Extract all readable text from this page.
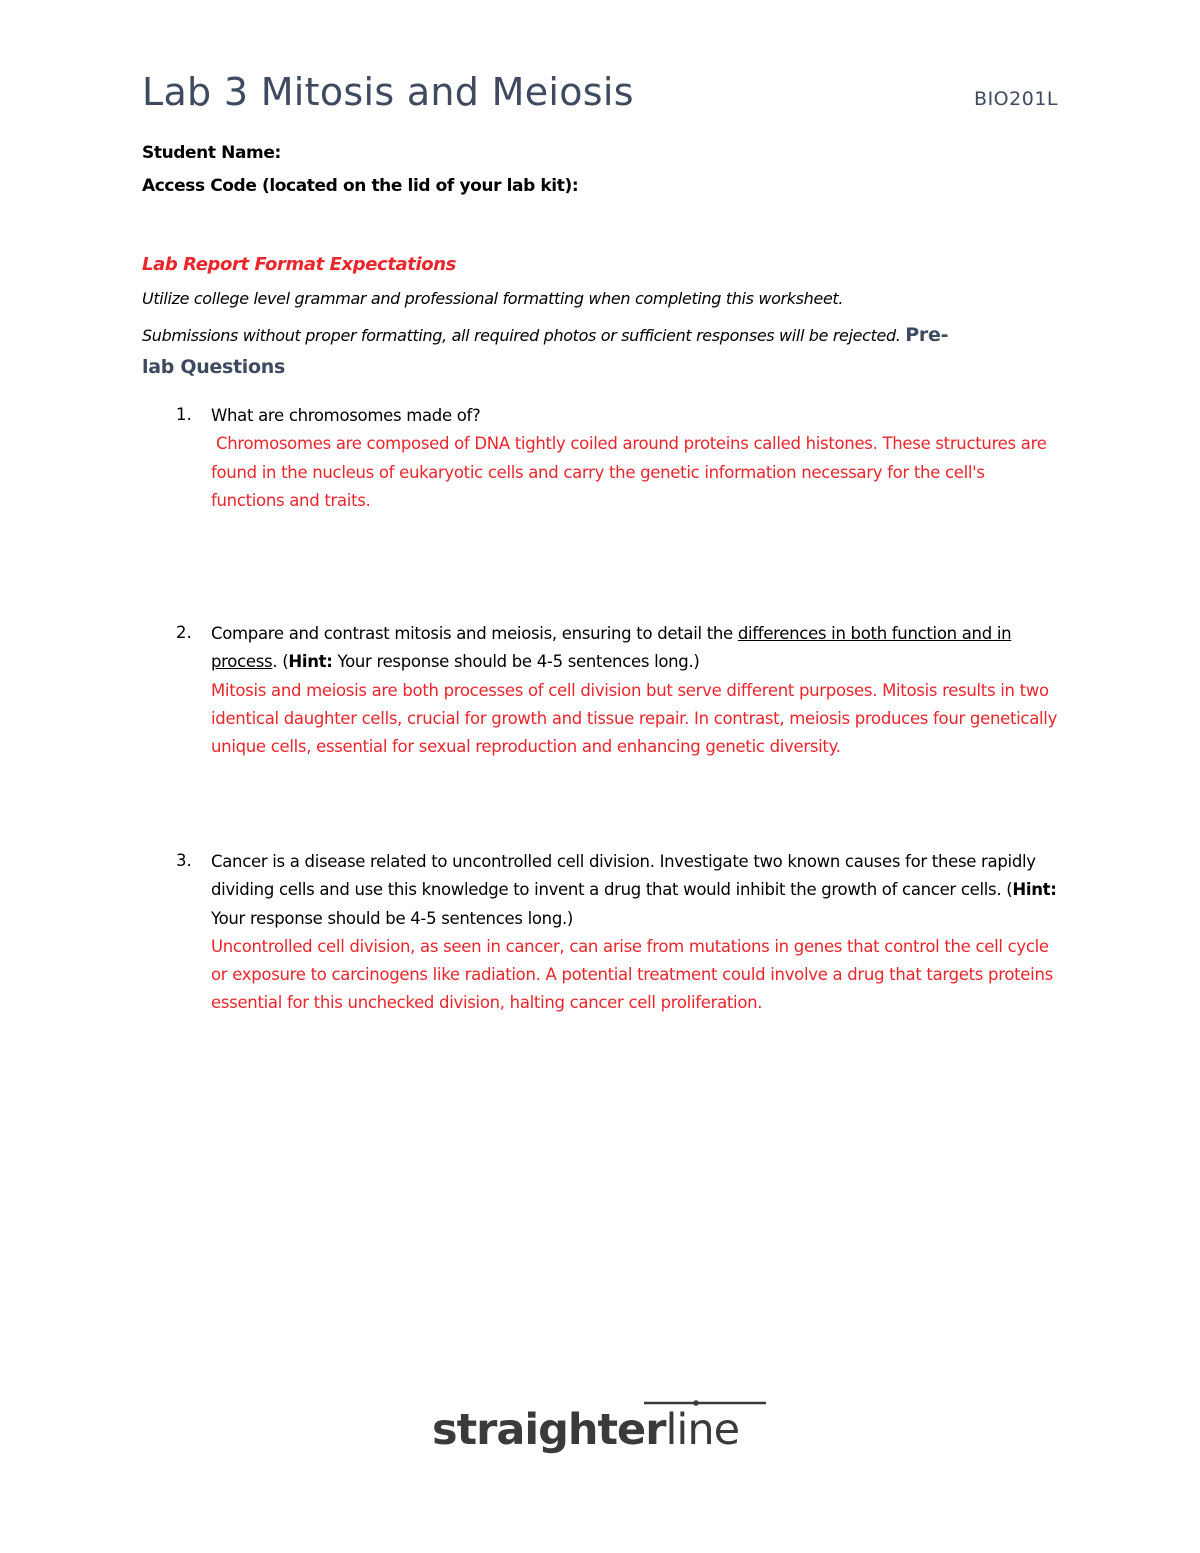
Lab 3 Mitosis and Meiosis	BIO201L
Student Name:
Access Code (located on the lid of your lab kit):
Lab Report Format Expectations
Utilize college level grammar and professional formatting when completing this worksheet.
Submissions without proper formatting, all required photos or sufficient responses will be rejected. Pre-
lab Questions
1. What are chromosomes made of?
Chromosomes are composed of DNA tightly coiled around proteins called histones. These structures are found in the nucleus of eukaryotic cells and carry the genetic information necessary for the cell's functions and traits.
2. Compare and contrast mitosis and meiosis, ensuring to detail the differences in both function and in process. (Hint: Your response should be 4-5 sentences long.)
Mitosis and meiosis are both processes of cell division but serve different purposes. Mitosis results in two identical daughter cells, crucial for growth and tissue repair. In contrast, meiosis produces four genetically unique cells, essential for sexual reproduction and enhancing genetic diversity.
3. Cancer is a disease related to uncontrolled cell division. Investigate two known causes for these rapidly dividing cells and use this knowledge to invent a drug that would inhibit the growth of cancer cells. (Hint: Your response should be 4-5 sentences long.)
Uncontrolled cell division, as seen in cancer, can arise from mutations in genes that control the cell cycle or exposure to carcinogens like radiation. A potential treatment could involve a drug that targets proteins essential for this unchecked division, halting cancer cell proliferation.
straighterline
